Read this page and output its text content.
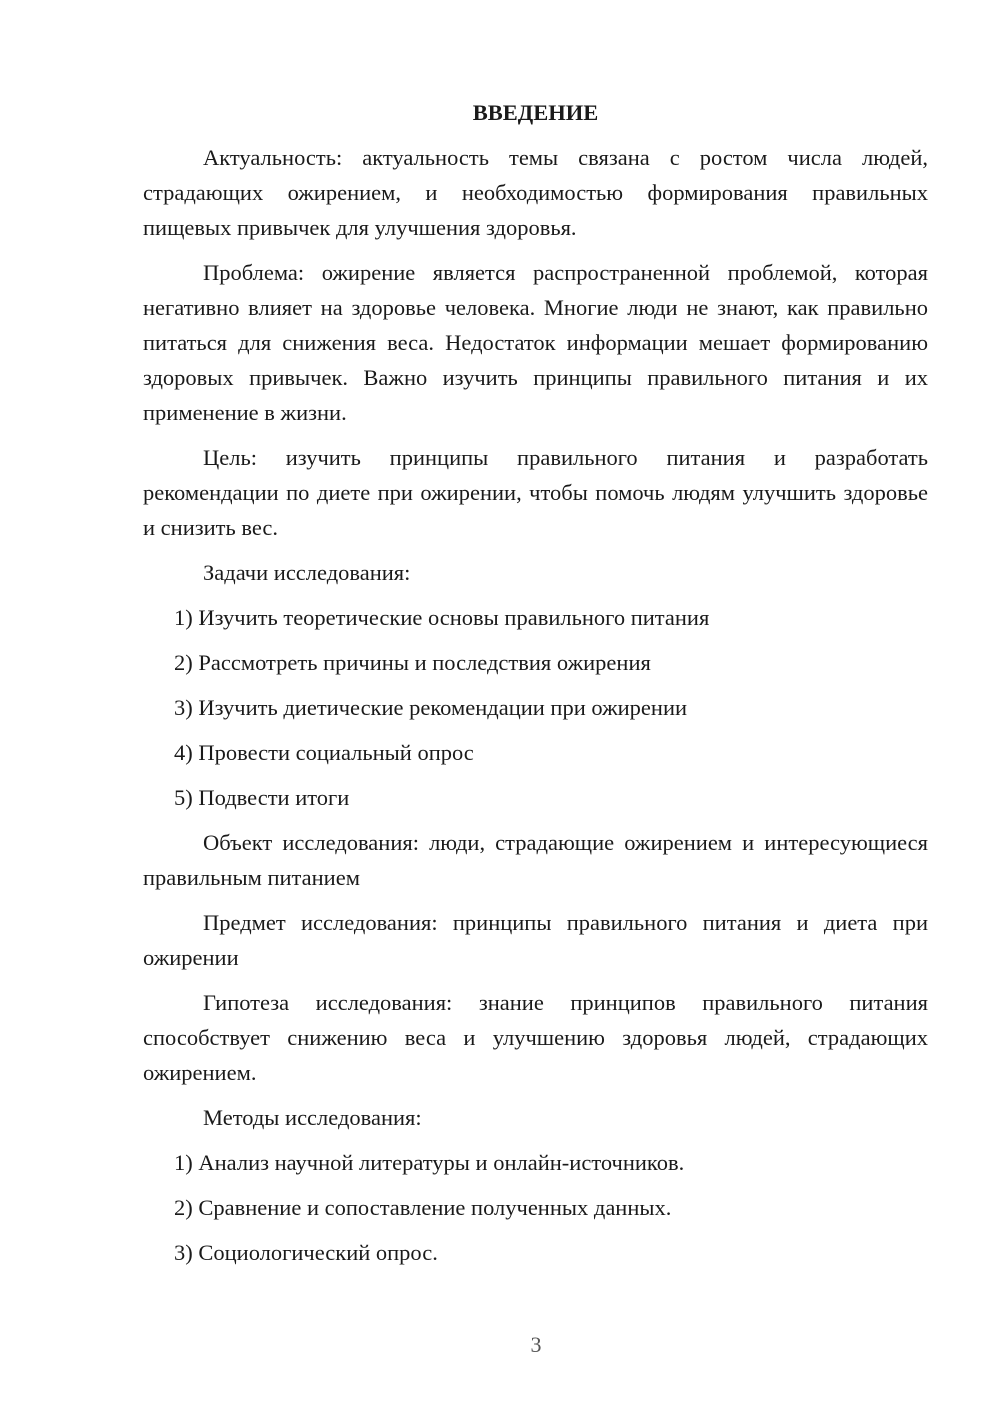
ВВЕДЕНИЕ

Актуальность: актуальность темы связана с ростом числа людей, страдающих ожирением, и необходимостью формирования правильных пищевых привычек для улучшения здоровья.

Проблема: ожирение является распространенной проблемой, которая негативно влияет на здоровье человека. Многие люди не знают, как правильно питаться для снижения веса. Недостаток информации мешает формированию здоровых привычек. Важно изучить принципы правильного питания и их применение в жизни.

Цель: изучить принципы правильного питания и разработать рекомендации по диете при ожирении, чтобы помочь людям улучшить здоровье и снизить вес.

Задачи исследования:
1) Изучить теоретические основы правильного питания
2) Рассмотреть причины и последствия ожирения
3) Изучить диетические рекомендации при ожирении
4) Провести социальный опрос
5) Подвести итоги

Объект исследования: люди, страдающие ожирением и интересующиеся правильным питанием

Предмет исследования: принципы правильного питания и диета при ожирении

Гипотеза исследования: знание принципов правильного питания способствует снижению веса и улучшению здоровья людей, страдающих ожирением.

Методы исследования:
1) Анализ научной литературы и онлайн-источников.
2) Сравнение и сопоставление полученных данных.
3) Социологический опрос.
3
